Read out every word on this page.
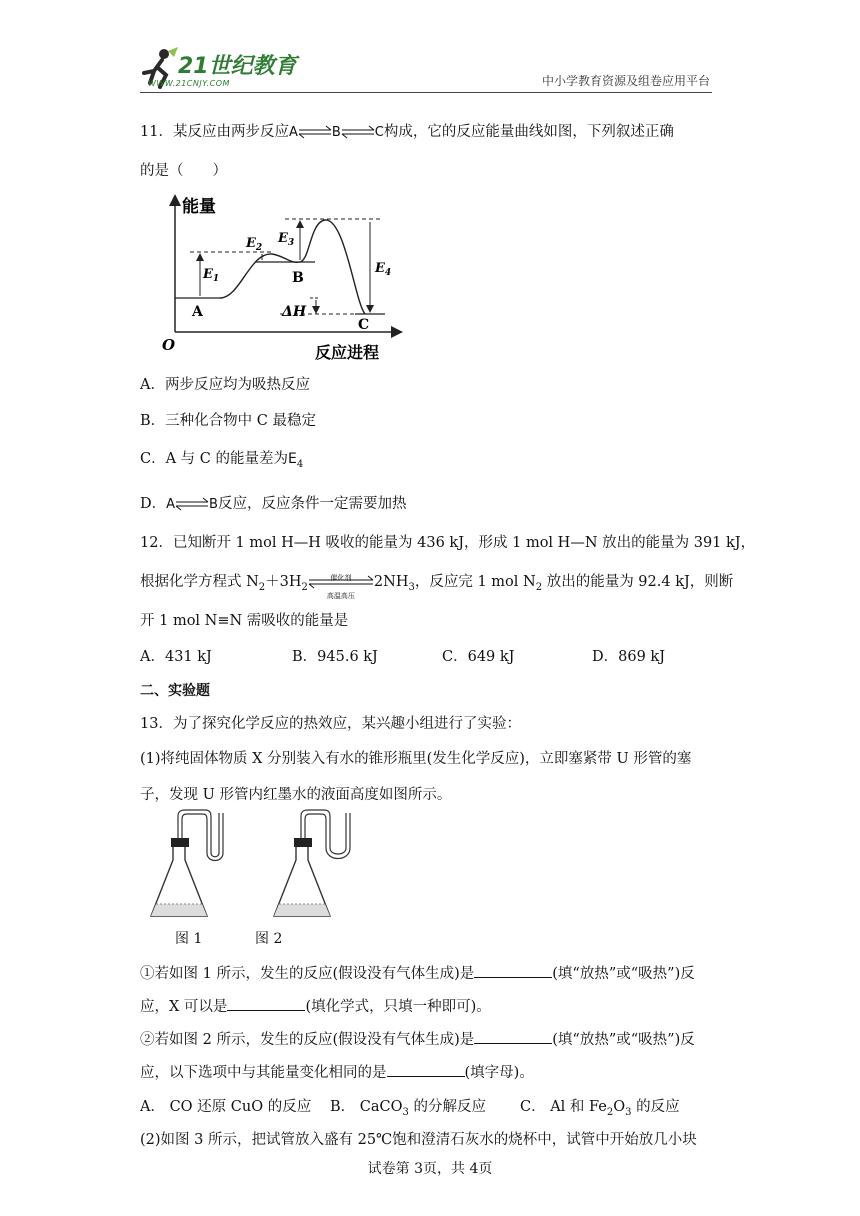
21世纪教育
WWW.21CNJY.COM	中小学教育资源及组卷应用平台
11．某反应由两步反应A⇌B⇌C构成，它的反应能量曲线如图，下列叙述正确
的是（　　）
能量
反应进程
O
$E_1$
$E_2$
$E_3$
$E_4$
A
B
C
ΔH
A．两步反应均为吸热反应
B．三种化合物中 C 最稳定
C．A 与 C 的能量差为$E_4$
D．A⇌B反应，反应条件一定需要加热
12．已知断开 1 mol H—H 吸收的能量为 436 kJ，形成 1 mol H—N 放出的能量为 391 kJ，
根据化学方程式 $N_2+3H_2$
催化剂
高温高压
$2NH_3$，反应完 1 mol $N_2$ 放出的能量为 92.4 kJ，则断
开 1 mol N≡N 需吸收的能量是
A．431 kJ	B．945.6 kJ	C．649 kJ	D．869 kJ
二、实验题
13．为了探究化学反应的热效应，某兴趣小组进行了实验：
(1)将纯固体物质 X 分别装入有水的锥形瓶里(发生化学反应)，立即塞紧带 U 形管的塞
子，发现 U 形管内红墨水的液面高度如图所示。
图 1	图 2
①若如图 1 所示，发生的反应(假设没有气体生成)是	(填“放热”或“吸热”)反
应，X 可以是	(填化学式，只填一种即可)。
②若如图 2 所示，发生的反应(假设没有气体生成)是	(填“放热”或“吸热”)反
应，以下选项中与其能量变化相同的是	(填字母)。
A． CO 还原 CuO 的反应 B． CaCO$_3$ 的分解反应 C． Al 和 $Fe_2O_3$ 的反应
(2)如图 3 所示，把试管放入盛有 25℃饱和澄清石灰水的烧杯中，试管中开始放几小块
试卷第 3页，共 4页
